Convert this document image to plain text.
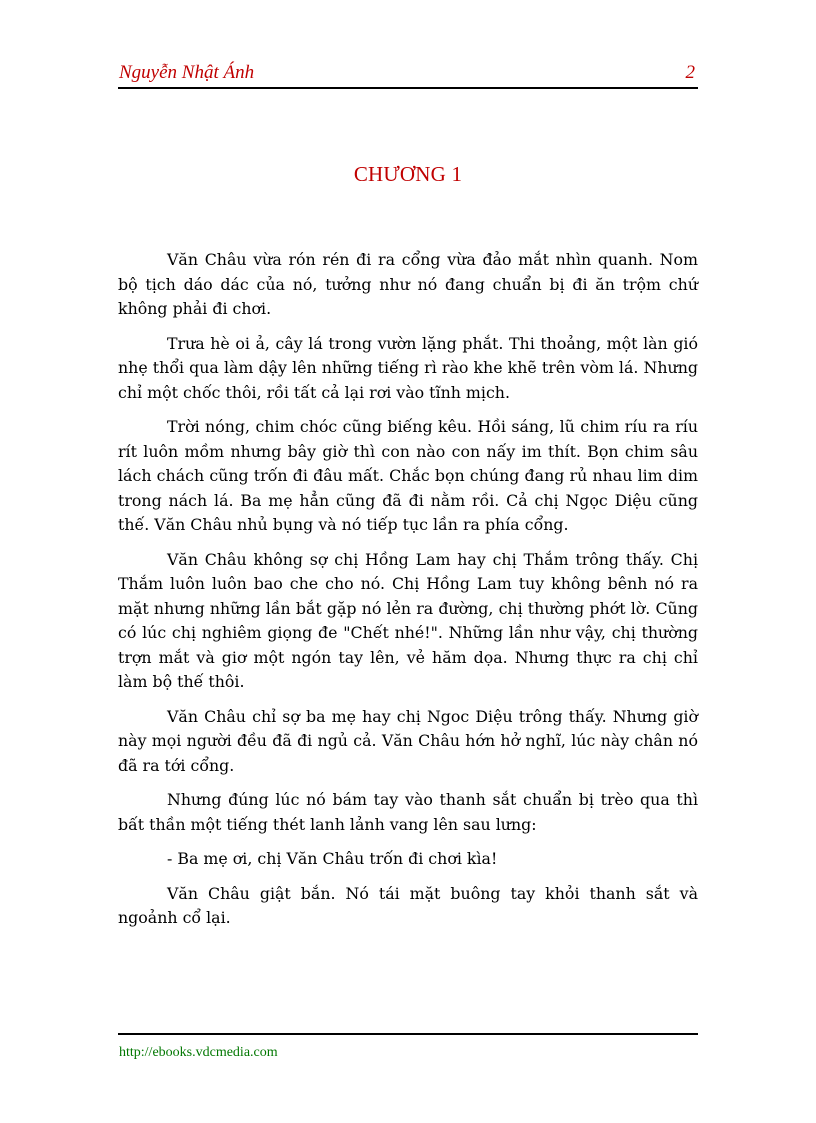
Nguyễn Nhật Ánh	2
CHƯƠNG 1

Văn Châu vừa rón rén đi ra cổng vừa đảo mắt nhìn quanh. Nom bộ tịch dáo dác của nó, tưởng như nó đang chuẩn bị đi ăn trộm chứ không phải đi chơi.

Trưa hè oi ả, cây lá trong vườn lặng phắt. Thi thoảng, một làn gió nhẹ thổi qua làm dậy lên những tiếng rì rào khe khẽ trên vòm lá. Nhưng chỉ một chốc thôi, rồi tất cả lại rơi vào tĩnh mịch.

Trời nóng, chim chóc cũng biếng kêu. Hồi sáng, lũ chim ríu ra ríu rít luôn mồm nhưng bây giờ thì con nào con nấy im thít. Bọn chim sâu lách chách cũng trốn đi đâu mất. Chắc bọn chúng đang rủ nhau lim dim trong nách lá. Ba mẹ hẳn cũng đã đi nằm rồi. Cả chị Ngọc Diệu cũng thế. Văn Châu nhủ bụng và nó tiếp tục lần ra phía cổng.

Văn Châu không sợ chị Hồng Lam hay chị Thắm trông thấy. Chị Thắm luôn luôn bao che cho nó. Chị Hồng Lam tuy không bênh nó ra mặt nhưng những lần bắt gặp nó lẻn ra đường, chị thường phớt lờ. Cũng có lúc chị nghiêm giọng đe "Chết nhé!". Những lần như vậy, chị thường trợn mắt và giơ một ngón tay lên, vẻ hăm dọa. Nhưng thực ra chị chỉ làm bộ thế thôi.

Văn Châu chỉ sợ ba mẹ hay chị Ngoc Diệu trông thấy. Nhưng giờ này mọi người đều đã đi ngủ cả. Văn Châu hớn hở nghĩ, lúc này chân nó đã ra tới cổng.

Nhưng đúng lúc nó bám tay vào thanh sắt chuẩn bị trèo qua thì bất thần một tiếng thét lanh lảnh vang lên sau lưng:

- Ba mẹ ơi, chị Văn Châu trốn đi chơi kìa!

Văn Châu giật bắn. Nó tái mặt buông tay khỏi thanh sắt và ngoảnh cổ lại.

http://ebooks.vdcmedia.com
